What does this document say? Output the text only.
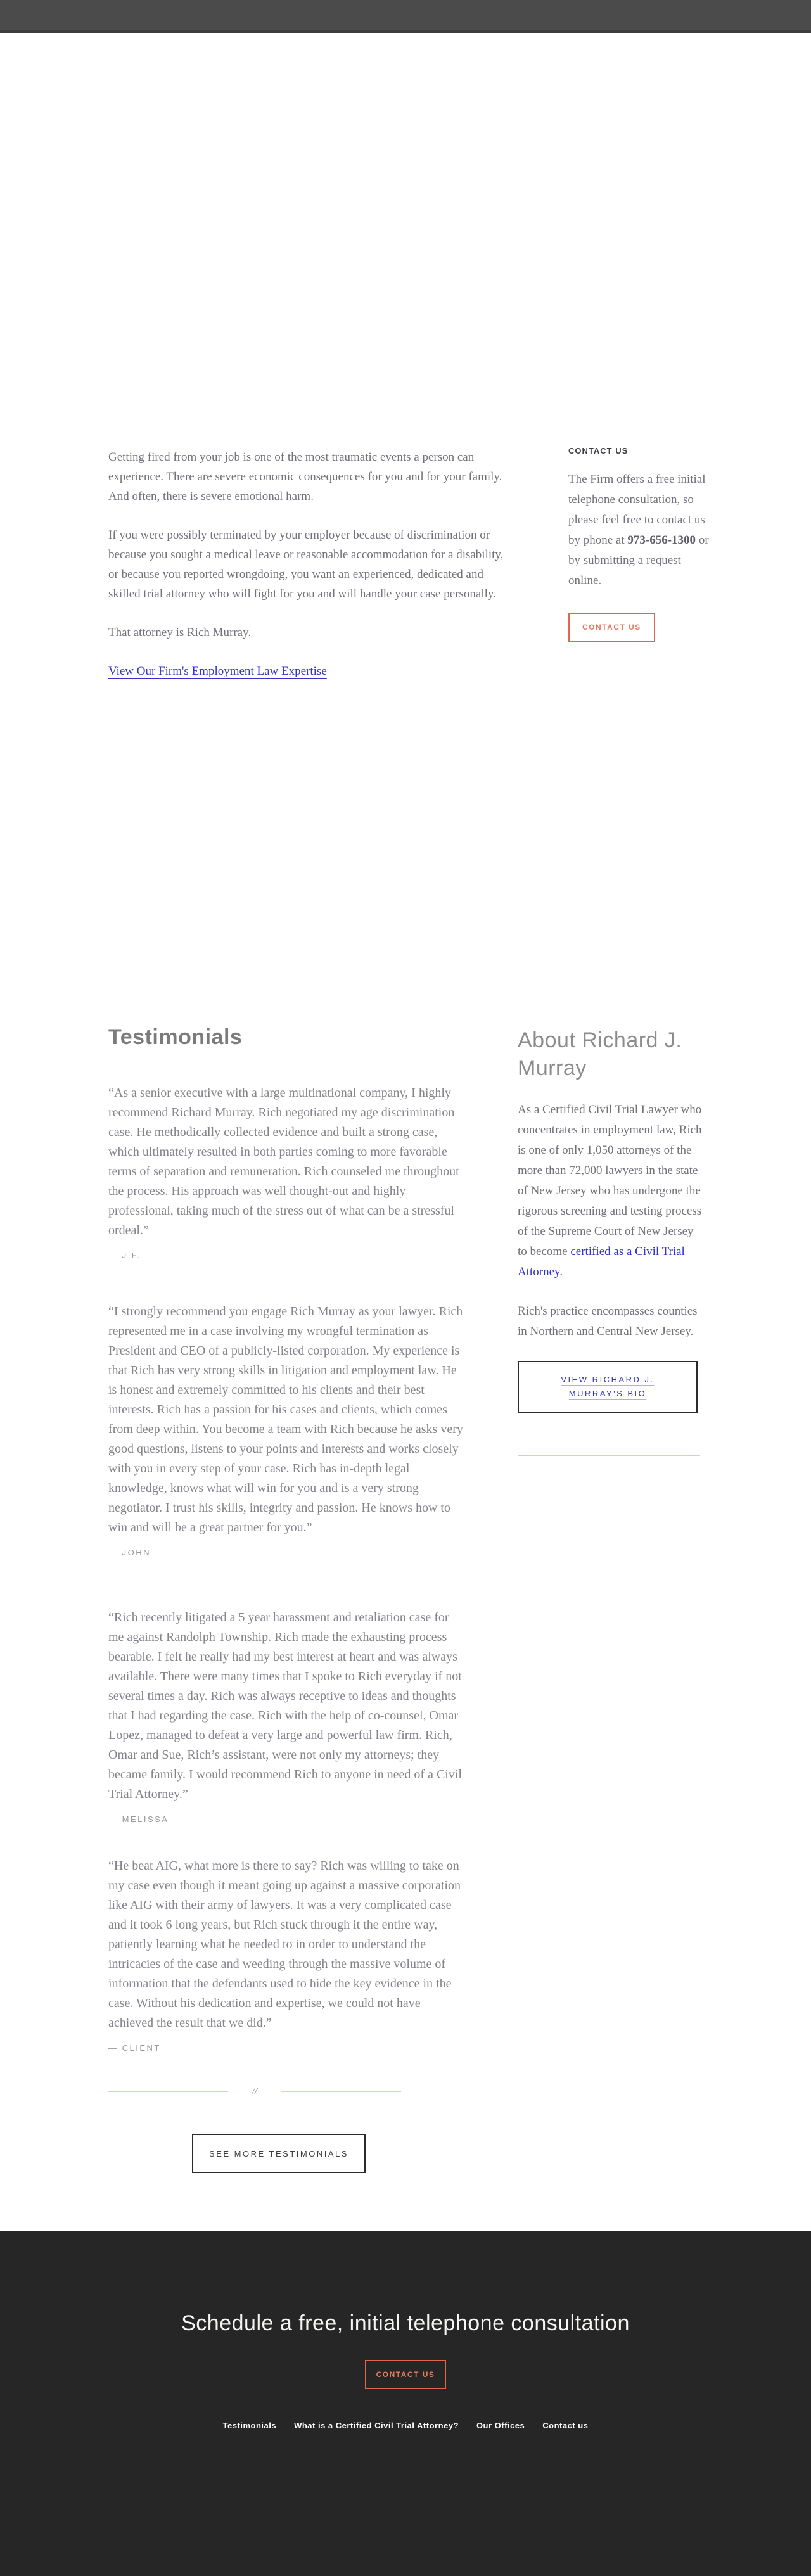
Getting fired from your job is one of the most traumatic events a person can experience. There are severe economic consequences for you and for your family. And often, there is severe emotional harm.

If you were possibly terminated by your employer because of discrimination or because you sought a medical leave or reasonable accommodation for a disability, or because you reported wrongdoing, you want an experienced, dedicated and skilled trial attorney who will fight for you and will handle your case personally.

That attorney is Rich Murray.

View Our Firm's Employment Law Expertise

CONTACT US

The Firm offers a free initial telephone consultation, so please feel free to contact us by phone at 973-656-1300 or by submitting a request online.

CONTACT US
Testimonials
“As a senior executive with a large multinational company, I highly recommend Richard Murray. Rich negotiated my age discrimination case. He methodically collected evidence and built a strong case, which ultimately resulted in both parties coming to more favorable terms of separation and remuneration. Rich counseled me throughout the process. His approach was well thought-out and highly professional, taking much of the stress out of what can be a stressful ordeal.”
— J.F.
“I strongly recommend you engage Rich Murray as your lawyer. Rich represented me in a case involving my wrongful termination as President and CEO of a publicly-listed corporation. My experience is that Rich has very strong skills in litigation and employment law. He is honest and extremely committed to his clients and their best interests. Rich has a passion for his cases and clients, which comes from deep within. You become a team with Rich because he asks very good questions, listens to your points and interests and works closely with you in every step of your case. Rich has in-depth legal knowledge, knows what will win for you and is a very strong negotiator. I trust his skills, integrity and passion. He knows how to win and will be a great partner for you.”
— JOHN
“Rich recently litigated a 5 year harassment and retaliation case for me against Randolph Township. Rich made the exhausting process bearable. I felt he really had my best interest at heart and was always available. There were many times that I spoke to Rich everyday if not several times a day. Rich was always receptive to ideas and thoughts that I had regarding the case. Rich with the help of co-counsel, Omar Lopez, managed to defeat a very large and powerful law firm. Rich, Omar and Sue, Rich’s assistant, were not only my attorneys; they became family. I would recommend Rich to anyone in need of a Civil Trial Attorney.”
— MELISSA
“He beat AIG, what more is there to say? Rich was willing to take on my case even though it meant going up against a massive corporation like AIG with their army of lawyers. It was a very complicated case and it took 6 long years, but Rich stuck through it the entire way, patiently learning what he needed to in order to understand the intricacies of the case and weeding through the massive volume of information that the defendants used to hide the key evidence in the case. Without his dedication and expertise, we could not have achieved the result that we did.”
— CLIENT
About Richard J. Murray

As a Certified Civil Trial Lawyer who concentrates in employment law, Rich is one of only 1,050 attorneys of the more than 72,000 lawyers in the state of New Jersey who has undergone the rigorous screening and testing process of the Supreme Court of New Jersey to become certified as a Civil Trial Attorney.

Rich's practice encompasses counties in Northern and Central New Jersey.

VIEW RICHARD J. MURRAY'S BIO
//
SEE MORE TESTIMONIALS
Schedule a free, initial telephone consultation
CONTACT US
Testimonials What is a Certified Civil Trial Attorney? Our Offices Contact us
